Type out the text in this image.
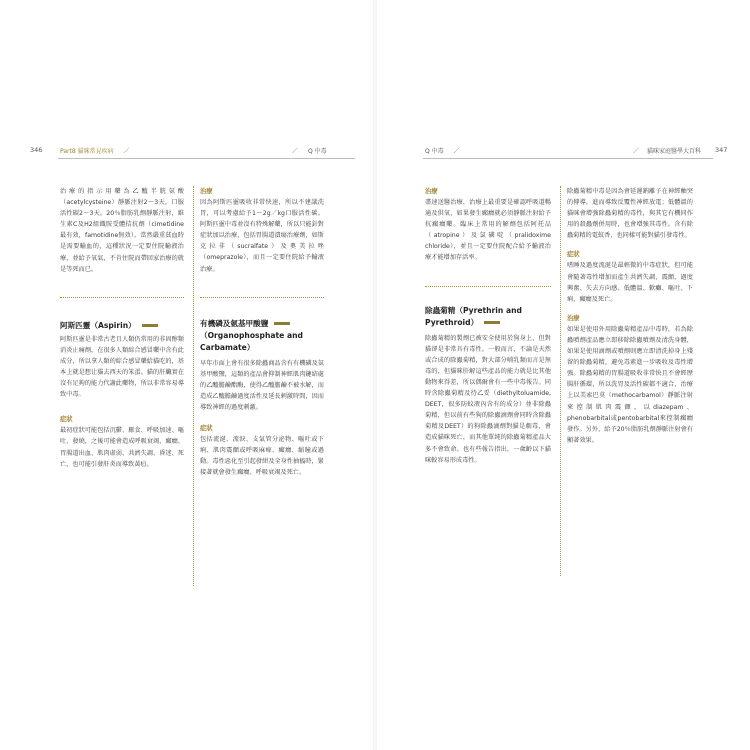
346	Part8 貓咪常見疾病 ／	／ Q 中毒

治療的指示用藥為乙醯半胱氨酸（acetylcysteine）靜脈注射2～3天，口服活性碳2～3天。20％脂肪乳劑靜脈注射，維生素C及H2組織胺受體拮抗劑（cimetidine最有效，famotidine無效）。當然嚴重貧血時是需要輸血的，這種狀況一定要住院輸液治療，並給予氧氣，不肯住院而帶回家治療的就是等死而已。

阿斯匹靈（Aspirin）

阿斯匹靈是非常古老且人類仍常用的非固醇類消炎止痛劑，在很多人類綜合感冒藥中含有此成分，所以拿人類的綜合感冒藥給貓吃的，基本上就是想让貓去西天的笨蛋。貓的肝臟實在沒有足夠的能力代謝此藥物，所以非常容易導致中毒。

症狀

最初症狀可能包括沉鬱、厭食、呼吸加速、嘔吐、發燒，之後可能會造成呼吸衰竭、癲癇、胃腸道出血、肌肉虛弱、共濟失調、昏迷、死亡，也可能引發肝炎而導致黃疸。

治療

因為阿斯匹靈吸收非常快速，所以不建議洗胃，可以考慮給予1～2g／kg口服活性碳。阿斯匹靈中毒並沒有特殊解藥，所以只能針對症狀加以治療，包括胃腸道潰瘍治療劑，如斯克拉非（sucralfate）及奧美拉唑（omeprazole），而且一定要住院給予輸液治療。

有機磷及氨基甲酸鹽

（Organophosphate and

Carbamate）

早年市面上會有很多除蟲商品含有有機磷及氨基甲酸鹽，這類的產品會抑制神經肌肉鏈結處的乙醯膽鹼酯酶，使得乙醯膽鹼不被水解，而造成乙醯膽鹼過度活性及延長刺激時間，因而導致神經的過度刺激。

症狀

包括流涎、流淚、支氣管分泌物、嘔吐或下痢、肌肉震顫或呼吸麻痺、癲癇、縮瞳或過動。毒性惡化至引起發紺及全身性抽搐時，緊接著就會發生癲癇、呼吸衰竭及死亡。

Q 中毒 ／	／ 貓咪家庭醫學大百科 347

治療

盡速送醫治療，治療上最重要是確認呼吸道暢通及供氧，如果發生癲癇就必須靜脈注射給予抗癲癇藥。臨床上常用的解劑包括阿托品（atropine）及氯磷啶（pralidoxime chloride），並且一定要住院配合給予輸液治療才能增加存活率。

除蟲菊精（Pyrethrin and

Pyrethroid）

除蟲菊精的製劑已被安全使用於狗身上，但對貓卻是非常具有毒性。一般而言，不論是天然或合成的除蟲菊精，對大部分哺乳類而言是無毒的，但貓咪肝解這些產品的能力就是比其他動物來得差，所以偶爾會有一些中毒報告。同時含除蟲菊精及待乙妥（diethyltoluamide, DEET，很多防蚊液內含有的成分）並非除蟲菊精，但以前有些狗的除蟲滴劑會同時含除蟲菊精及DEET）的狗除蟲滴劑對貓是劇毒，會造成貓咪死亡，而其他單純的除蟲菊精產品大多不會致命。也有些報告指出，一歲齡以下貓咪較容易形成毒性。

除蟲菊精中毒是因為會延遲鈉離子在神經軸突的傳導，進而導致反覆性神經放電；低體溫的貓咪會增強除蟲菊精的毒性，與其它有機同作用的殺蟲劑併用時，也會增強其毒性。含有除蟲菊精的電蚊香，也同樣可能對貓引發毒性。

症狀

嗜睡及過度流涎是最輕微的中毒症狀，但可能會隨著毒性增加而產生共濟失調、震顫、過度興奮、失去方向感、低體溫、軟癱、嘔吐、下痢、癲癇及死亡。

治療

如果是使用外用除蟲菊精產品中毒時，若為除蟲噴劑產品應立即移除除蟲噴劑及清洗身體，如果是使用滴劑或噴劑則應立即清洗掉身上殘留的除蟲菊精，避免毒素進一步吸收及毒性增強。除蟲菊精的胃腸道吸收非常快且不會經歷腸肝循環，所以洗胃及活性碳都不適合，治療上以美索巴莫（methocarbamol）靜脈注射來控制肌肉震顫，以diazepam、phenobarbital或pentobarbital來控制癲癇發作。另外，給予20％脂肪乳劑靜脈注射會有顯著效果。
